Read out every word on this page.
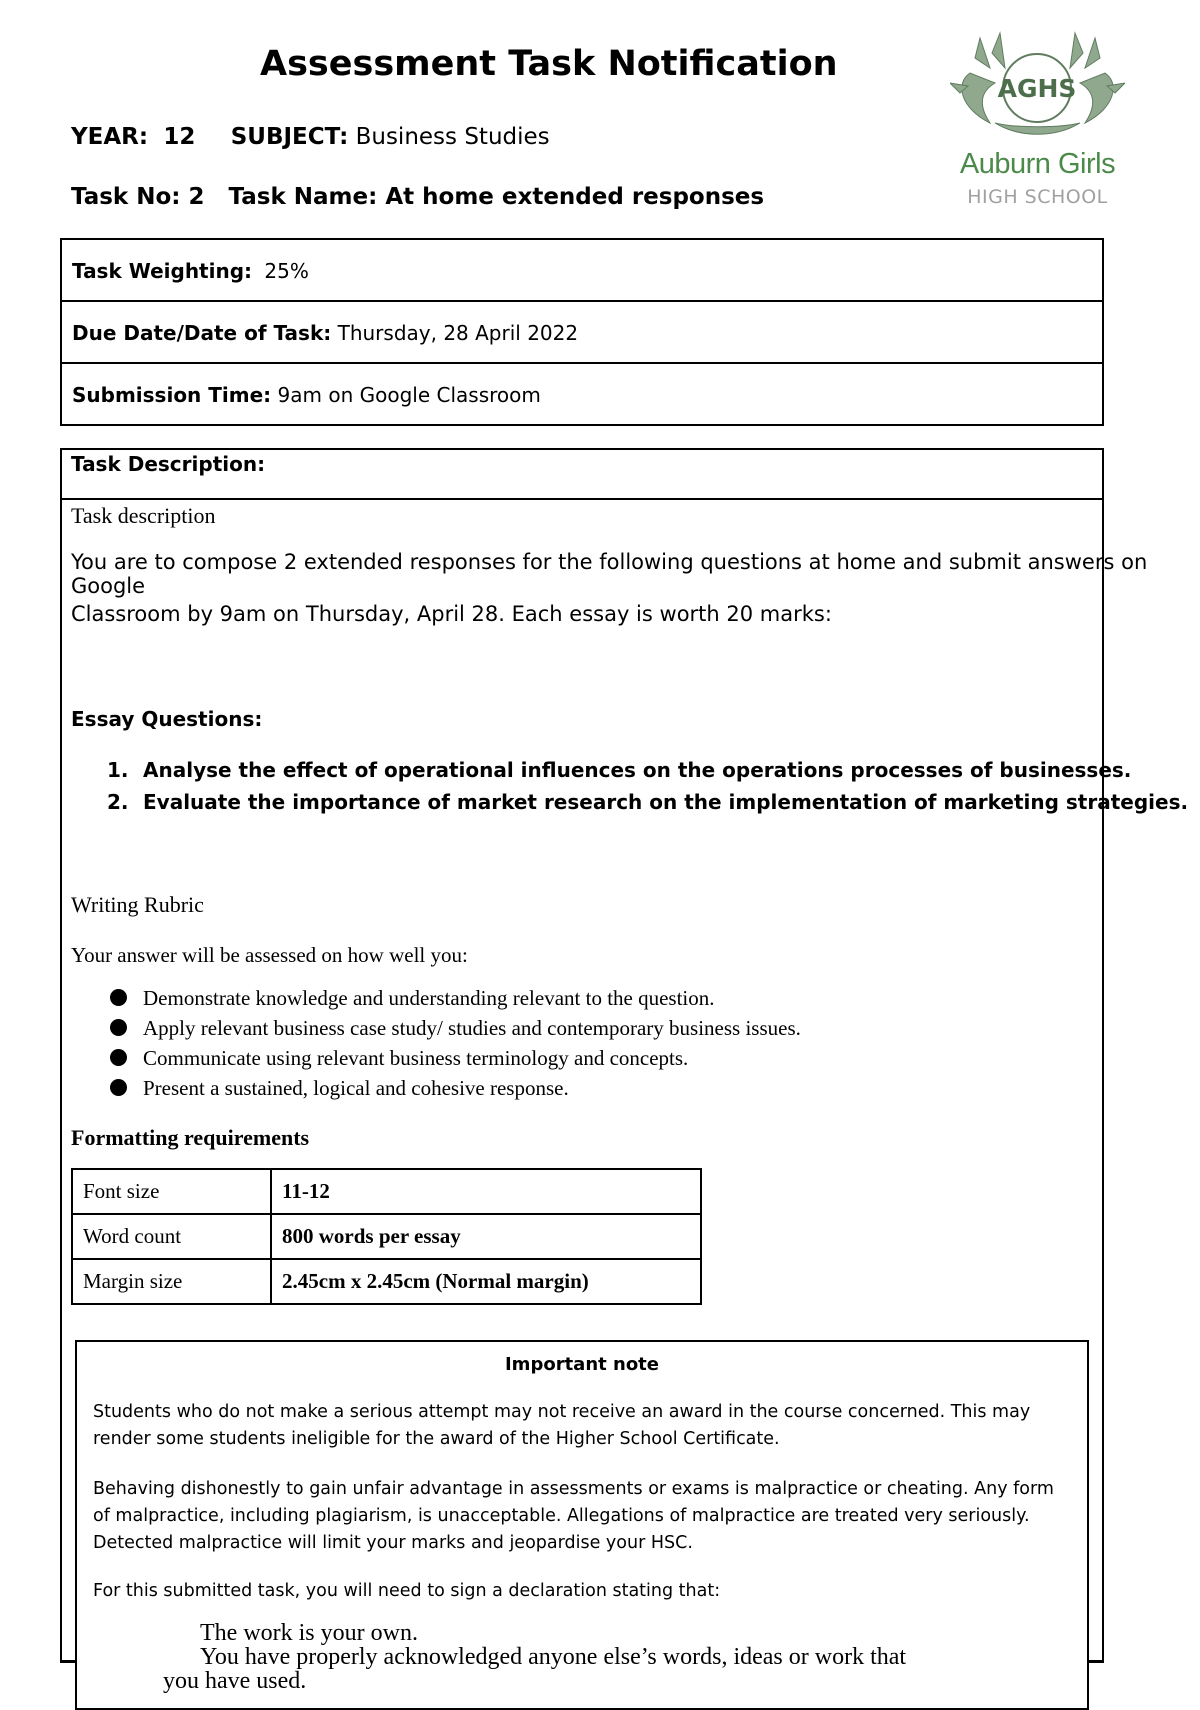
Assessment Task Notification
YEAR: 12 SUBJECT: Business Studies
Task No: 2 Task Name: At home extended responses
AGHS
Auburn Girls
HIGH SCHOOL
Task Weighting: 25%
Due Date/Date of Task: Thursday, 28 April 2022
Submission Time: 9am on Google Classroom
Task Description:
Task description
You are to compose 2 extended responses for the following questions at home and submit answers on Google
Classroom by 9am on Thursday, April 28. Each essay is worth 20 marks:
Essay Questions:
1. Analyse the effect of operational influences on the operations processes of businesses.
2. Evaluate the importance of market research on the implementation of marketing strategies.
Writing Rubric
Your answer will be assessed on how well you:
Demonstrate knowledge and understanding relevant to the question.
Apply relevant business case study/ studies and contemporary business issues.
Communicate using relevant business terminology and concepts.
Present a sustained, logical and cohesive response.
Formatting requirements
Font size	11-12
Word count	800 words per essay
Margin size	2.45cm x 2.45cm (Normal margin)
Important note
Students who do not make a serious attempt may not receive an award in the course concerned. This may render some students ineligible for the award of the Higher School Certificate.
Behaving dishonestly to gain unfair advantage in assessments or exams is malpractice or cheating. Any form of malpractice, including plagiarism, is unacceptable. Allegations of malpractice are treated very seriously. Detected malpractice will limit your marks and jeopardise your HSC.
For this submitted task, you will need to sign a declaration stating that:
The work is your own.
You have properly acknowledged anyone else’s words, ideas or work that
you have used.
